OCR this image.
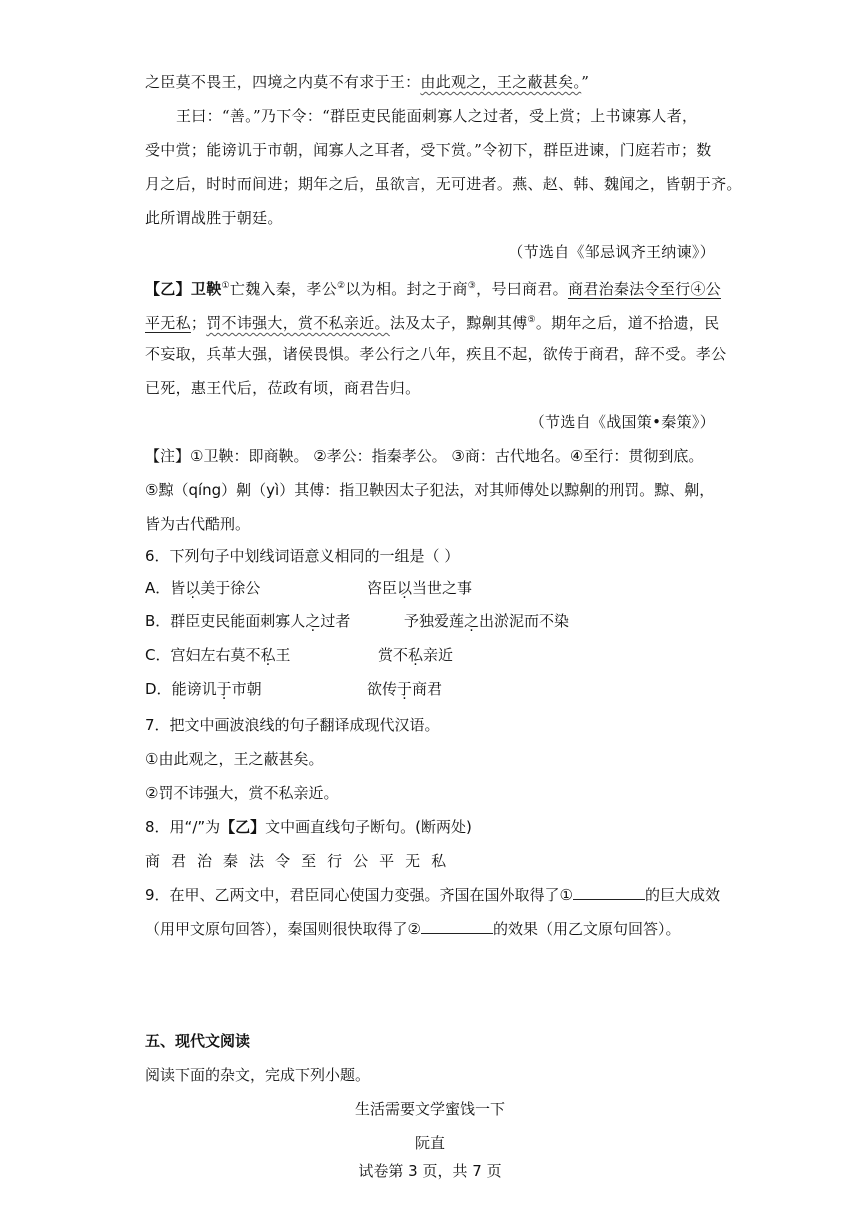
之臣莫不畏王，四境之内莫不有求于王：由此观之，王之蔽甚矣。”
王曰：“善。”乃下令：“群臣吏民能面刺寡人之过者，受上赏；上书谏寡人者，
受中赏；能谤讥于市朝，闻寡人之耳者，受下赏。”令初下，群臣进谏，门庭若市；数
月之后，时时而间进；期年之后，虽欲言，无可进者。燕、赵、韩、魏闻之，皆朝于齐。
此所谓战胜于朝廷。
（节选自《邹忌讽齐王纳谏》）
【乙】卫鞅①亡魏入秦，孝公②以为相。封之于商③，号曰商君。商君治秦法令至行④公
平无私；罚不讳强大，赏不私亲近。法及太子，黥劓其傅⑤。期年之后，道不拾遗，民
不妄取，兵革大强，诸侯畏惧。孝公行之八年，疾且不起，欲传于商君，辞不受。孝公
已死，惠王代后，莅政有顷，商君告归。
（节选自《战国策•秦策》）
【注】①卫鞅：即商鞅。 ②孝公：指秦孝公。 ③商：古代地名。④至行：贯彻到底。
⑤黥（qíng）劓（yì）其傅：指卫鞅因太子犯法，对其师傅处以黥劓的刑罚。黥、劓，
皆为古代酷刑。
6．下列句子中划线词语意义相同的一组是（ ）
A．皆以美于徐公	咨臣以当世之事
B．群臣吏民能面刺寡人之过者	予独爱莲之出淤泥而不染
C．宫妇左右莫不私王	赏不私亲近
D．能谤讥于市朝	欲传于商君
7．把文中画波浪线的句子翻译成现代汉语。
①由此观之，王之蔽甚矣。
②罚不讳强大，赏不私亲近。
8．用“/”为【乙】文中画直线句子断句。(断两处)
商 君 治 秦 法 令 至 行 公 平 无 私
9．在甲、乙两文中，君臣同心使国力变强。齐国在国外取得了①	的巨大成效
（用甲文原句回答），秦国则很快取得了②	的效果（用乙文原句回答）。
五、现代文阅读
阅读下面的杂文，完成下列小题。
生活需要文学蜜饯一下
阮直
试卷第 3 页，共 7 页
